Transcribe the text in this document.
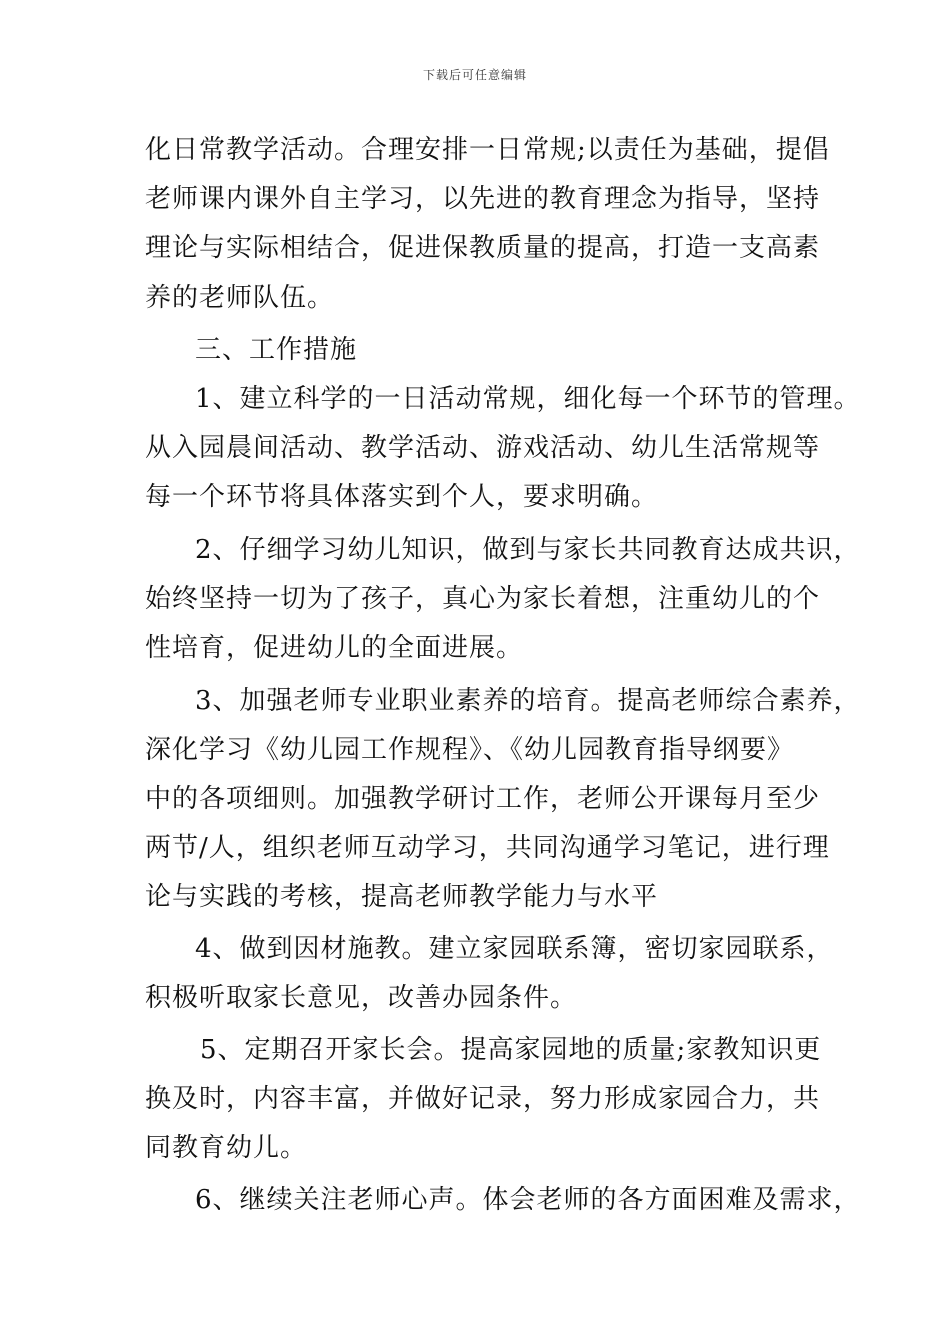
下载后可任意编辑
化日常教学活动。合理安排一日常规;以责任为基础，提倡
老师课内课外自主学习，以先进的教育理念为指导，坚持
理论与实际相结合，促进保教质量的提高，打造一支高素
养的老师队伍。
三、工作措施
1、建立科学的一日活动常规，细化每一个环节的管理。
从入园晨间活动、教学活动、游戏活动、幼儿生活常规等
每一个环节将具体落实到个人，要求明确。
2、仔细学习幼儿知识，做到与家长共同教育达成共识，
始终坚持一切为了孩子，真心为家长着想，注重幼儿的个
性培育，促进幼儿的全面进展。
3、加强老师专业职业素养的培育。提高老师综合素养，
深化学习《幼儿园工作规程》、《幼儿园教育指导纲要》
中的各项细则。加强教学研讨工作，老师公开课每月至少
两节/人，组织老师互动学习，共同沟通学习笔记，进行理
论与实践的考核，提高老师教学能力与水平
4、做到因材施教。建立家园联系簿，密切家园联系，
积极听取家长意见，改善办园条件。
5、定期召开家长会。提高家园地的质量;家教知识更
换及时，内容丰富，并做好记录，努力形成家园合力，共
同教育幼儿。
6、继续关注老师心声。体会老师的各方面困难及需求，
